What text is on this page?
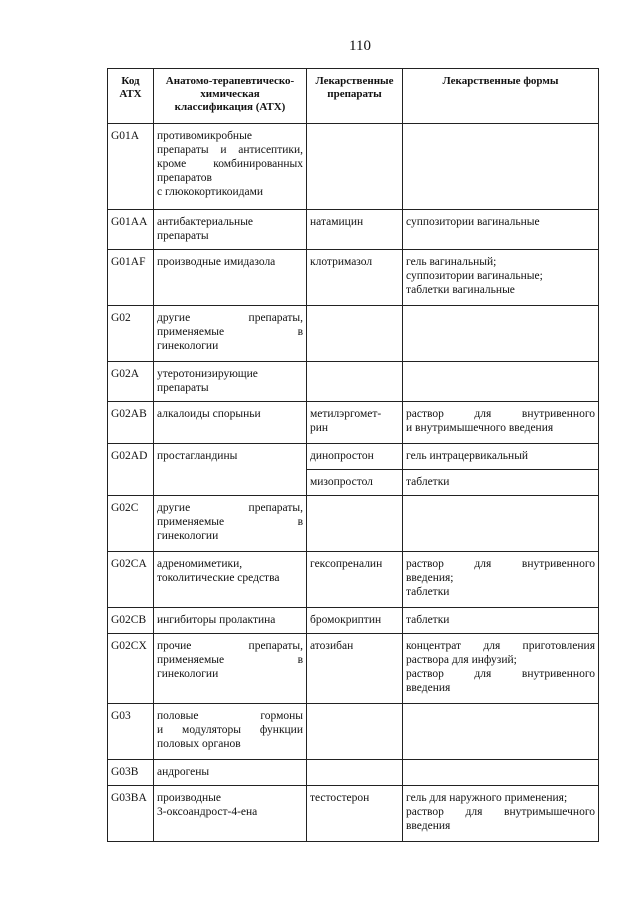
110
Код
АТХ	Анатомо-терапевтическо-
химическая
классификация (АТХ)	Лекарственные
препараты	Лекарственные формы

G01A	противомикробные
препараты и антисептики,
кроме комбинированных
препаратов
с глюкокортикоидами		

G01AA	антибактериальные
препараты	натамицин	суппозитории вагинальные

G01AF	производные имидазола	клотримазол	гель вагинальный;
суппозитории вагинальные;
таблетки вагинальные

G02	другие препараты,
применяемые в
гинекологии		

G02A	утеротонизирующие
препараты		

G02AB	алкалоиды спорыньи	метилэргомет-
рин	раствор для внутривенного
и внутримышечного введения

G02AD	простагландины	динопростон	гель интрацервикальный

		мизопростол	таблетки

G02C	другие препараты,
применяемые в
гинекологии		

G02CA	адреномиметики,
токолитические средства	гексопреналин	раствор для внутривенного
введения;
таблетки

G02CB	ингибиторы пролактина	бромокриптин	таблетки

G02CX	прочие препараты,
применяемые в
гинекологии	атозибан	концентрат для приготовления
раствора для инфузий;
раствор для внутривенного
введения

G03	половые гормоны
и модуляторы функции
половых органов		

G03B	андрогены		

G03BA	производные
3-оксоандрост-4-ена	тестостерон	гель для наружного применения;
раствор для внутримышечного
введения
